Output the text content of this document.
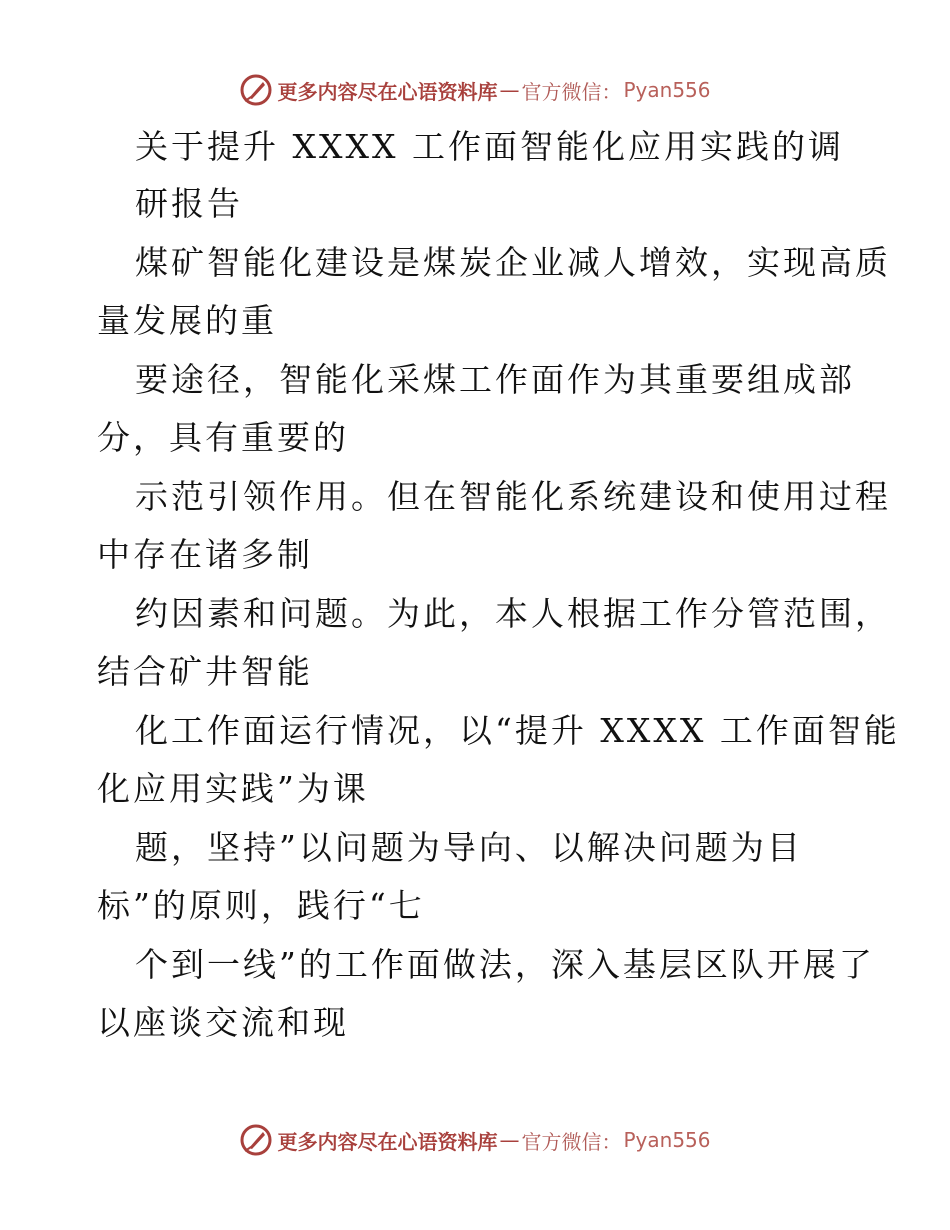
更多内容尽在心语资料库 — 官方微信： Pyan556
关于提升 XXXX 工作面智能化应用实践的调
研报告
煤矿智能化建设是煤炭企业减人增效，实现高质
量发展的重
要途径，智能化采煤工作面作为其重要组成部
分，具有重要的
示范引领作用。但在智能化系统建设和使用过程
中存在诸多制
约因素和问题。为此，本人根据工作分管范围，
结合矿井智能
化工作面运行情况，以“提升 XXXX 工作面智能
化应用实践”为课
题，坚持”以问题为导向、以解决问题为目
标”的原则，践行“七
个到一线”的工作面做法，深入基层区队开展了
以座谈交流和现
更多内容尽在心语资料库 — 官方微信： Pyan556
